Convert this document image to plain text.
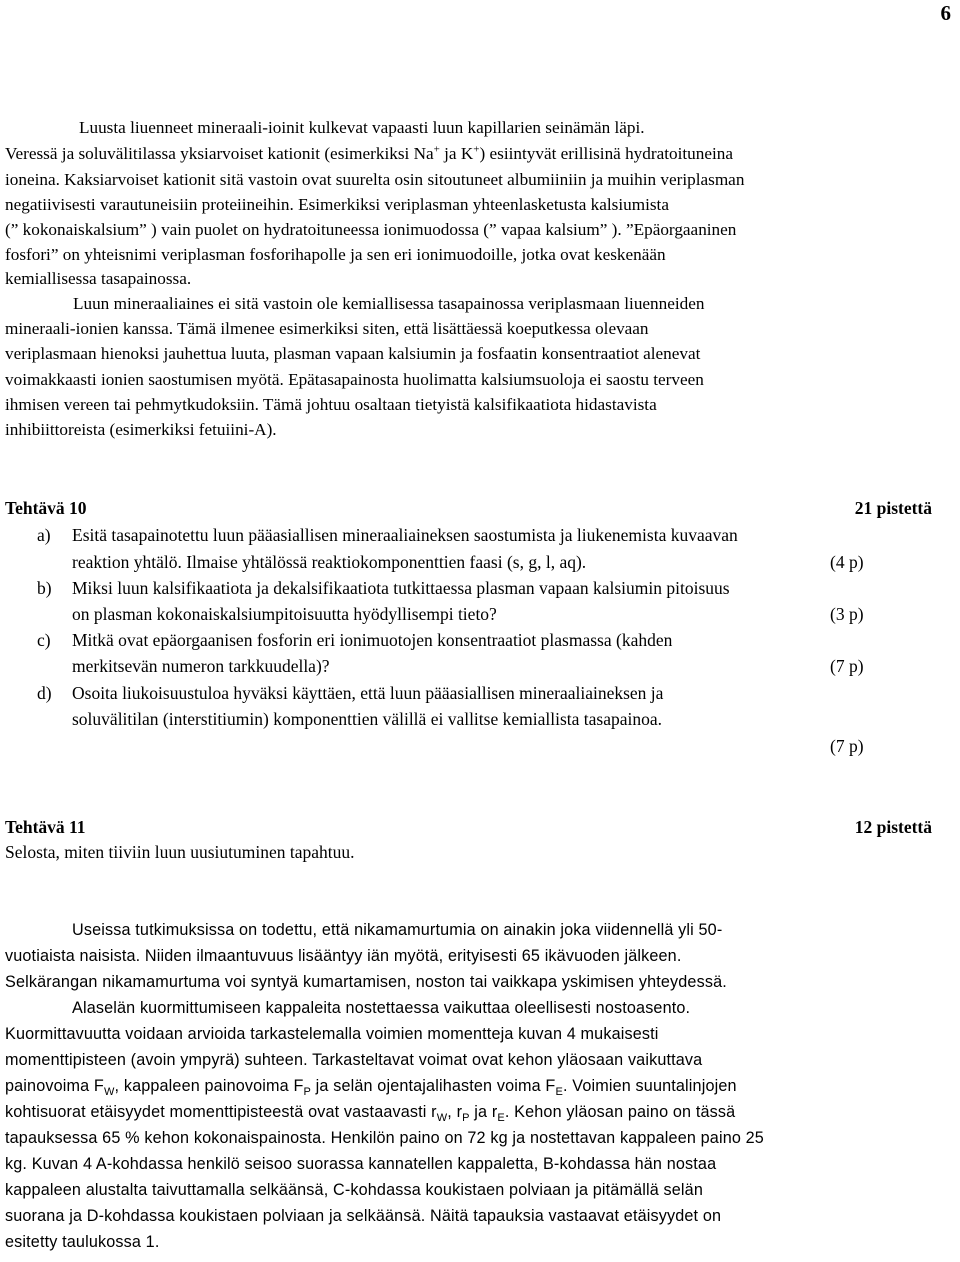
6
Luusta liuenneet mineraali-ioinit kulkevat vapaasti luun kapillarien seinämän läpi.
Veressä ja soluvälitilassa yksiarvoiset kationit (esimerkiksi Na+ ja K+) esiintyvät erillisinä hydratoituneina
ioneina. Kaksiarvoiset kationit sitä vastoin ovat suurelta osin sitoutuneet albumiiniin ja muihin veriplasman
negatiivisesti varautuneisiin proteiineihin. Esimerkiksi veriplasman yhteenlasketusta kalsiumista
(” kokonaiskalsium” ) vain puolet on hydratoituneessa ionimuodossa (” vapaa kalsium” ). ”Epäorgaaninen
fosfori” on yhteisnimi veriplasman fosforihapolle ja sen eri ionimuodoille, jotka ovat keskenään
kemiallisessa tasapainossa.
Luun mineraaliaines ei sitä vastoin ole kemiallisessa tasapainossa veriplasmaan liuenneiden
mineraali-ionien kanssa. Tämä ilmenee esimerkiksi siten, että lisättäessä koeputkessa olevaan
veriplasmaan hienoksi jauhettua luuta, plasman vapaan kalsiumin ja fosfaatin konsentraatiot alenevat
voimakkaasti ionien saostumisen myötä. Epätasapainosta huolimatta kalsiumsuoloja ei saostu terveen
ihmisen vereen tai pehmytkudoksiin. Tämä johtuu osaltaan tietyistä kalsifikaatiota hidastavista
inhibiittoreista (esimerkiksi fetuiini-A).
Tehtävä 10	21 pistettä
a) Esitä tasapainotettu luun pääasiallisen mineraaliaineksen saostumista ja liukenemista kuvaavan
reaktion yhtälö. Ilmaise yhtälössä reaktiokomponenttien faasi (s, g, l, aq).	(4 p)
b) Miksi luun kalsifikaatiota ja dekalsifikaatiota tutkittaessa plasman vapaan kalsiumin pitoisuus
on plasman kokonaiskalsiumpitoisuutta hyödyllisempi tieto?	(3 p)
c) Mitkä ovat epäorgaanisen fosforin eri ionimuotojen konsentraatiot plasmassa (kahden
merkitsevän numeron tarkkuudella)?	(7 p)
d) Osoita liukoisuustuloa hyväksi käyttäen, että luun pääasiallisen mineraaliaineksen ja
soluvälitilan (interstitiumin) komponenttien välillä ei vallitse kemiallista tasapainoa.
(7 p)
Tehtävä 11	12 pistettä
Selosta, miten tiiviin luun uusiutuminen tapahtuu.
Useissa tutkimuksissa on todettu, että nikamamurtumia on ainakin joka viidennellä yli 50-
vuotiaista naisista. Niiden ilmaantuvuus lisääntyy iän myötä, erityisesti 65 ikävuoden jälkeen.
Selkärangan nikamamurtuma voi syntyä kumartamisen, noston tai vaikkapa yskimisen yhteydessä.
Alaselän kuormittumiseen kappaleita nostettaessa vaikuttaa oleellisesti nostoasento.
Kuormittavuutta voidaan arvioida tarkastelemalla voimien momentteja kuvan 4 mukaisesti
momenttipisteen (avoin ympyrä) suhteen. Tarkasteltavat voimat ovat kehon yläosaan vaikuttava
painovoima $F_W$, kappaleen painovoima $F_P$ ja selän ojentajalihasten voima $F_E$. Voimien suuntalinjojen
kohtisuorat etäisyydet momenttipisteestä ovat vastaavasti $r_W$, $r_P$ ja $r_E$. Kehon yläosan paino on tässä
tapauksessa 65 % kehon kokonaispainosta. Henkilön paino on 72 kg ja nostettavan kappaleen paino 25
kg. Kuvan 4 A-kohdassa henkilö seisoo suorassa kannatellen kappaletta, B-kohdassa hän nostaa
kappaleen alustalta taivuttamalla selkäänsä, C-kohdassa koukistaen polviaan ja pitämällä selän
suorana ja D-kohdassa koukistaen polviaan ja selkäänsä. Näitä tapauksia vastaavat etäisyydet on
esitetty taulukossa 1.
